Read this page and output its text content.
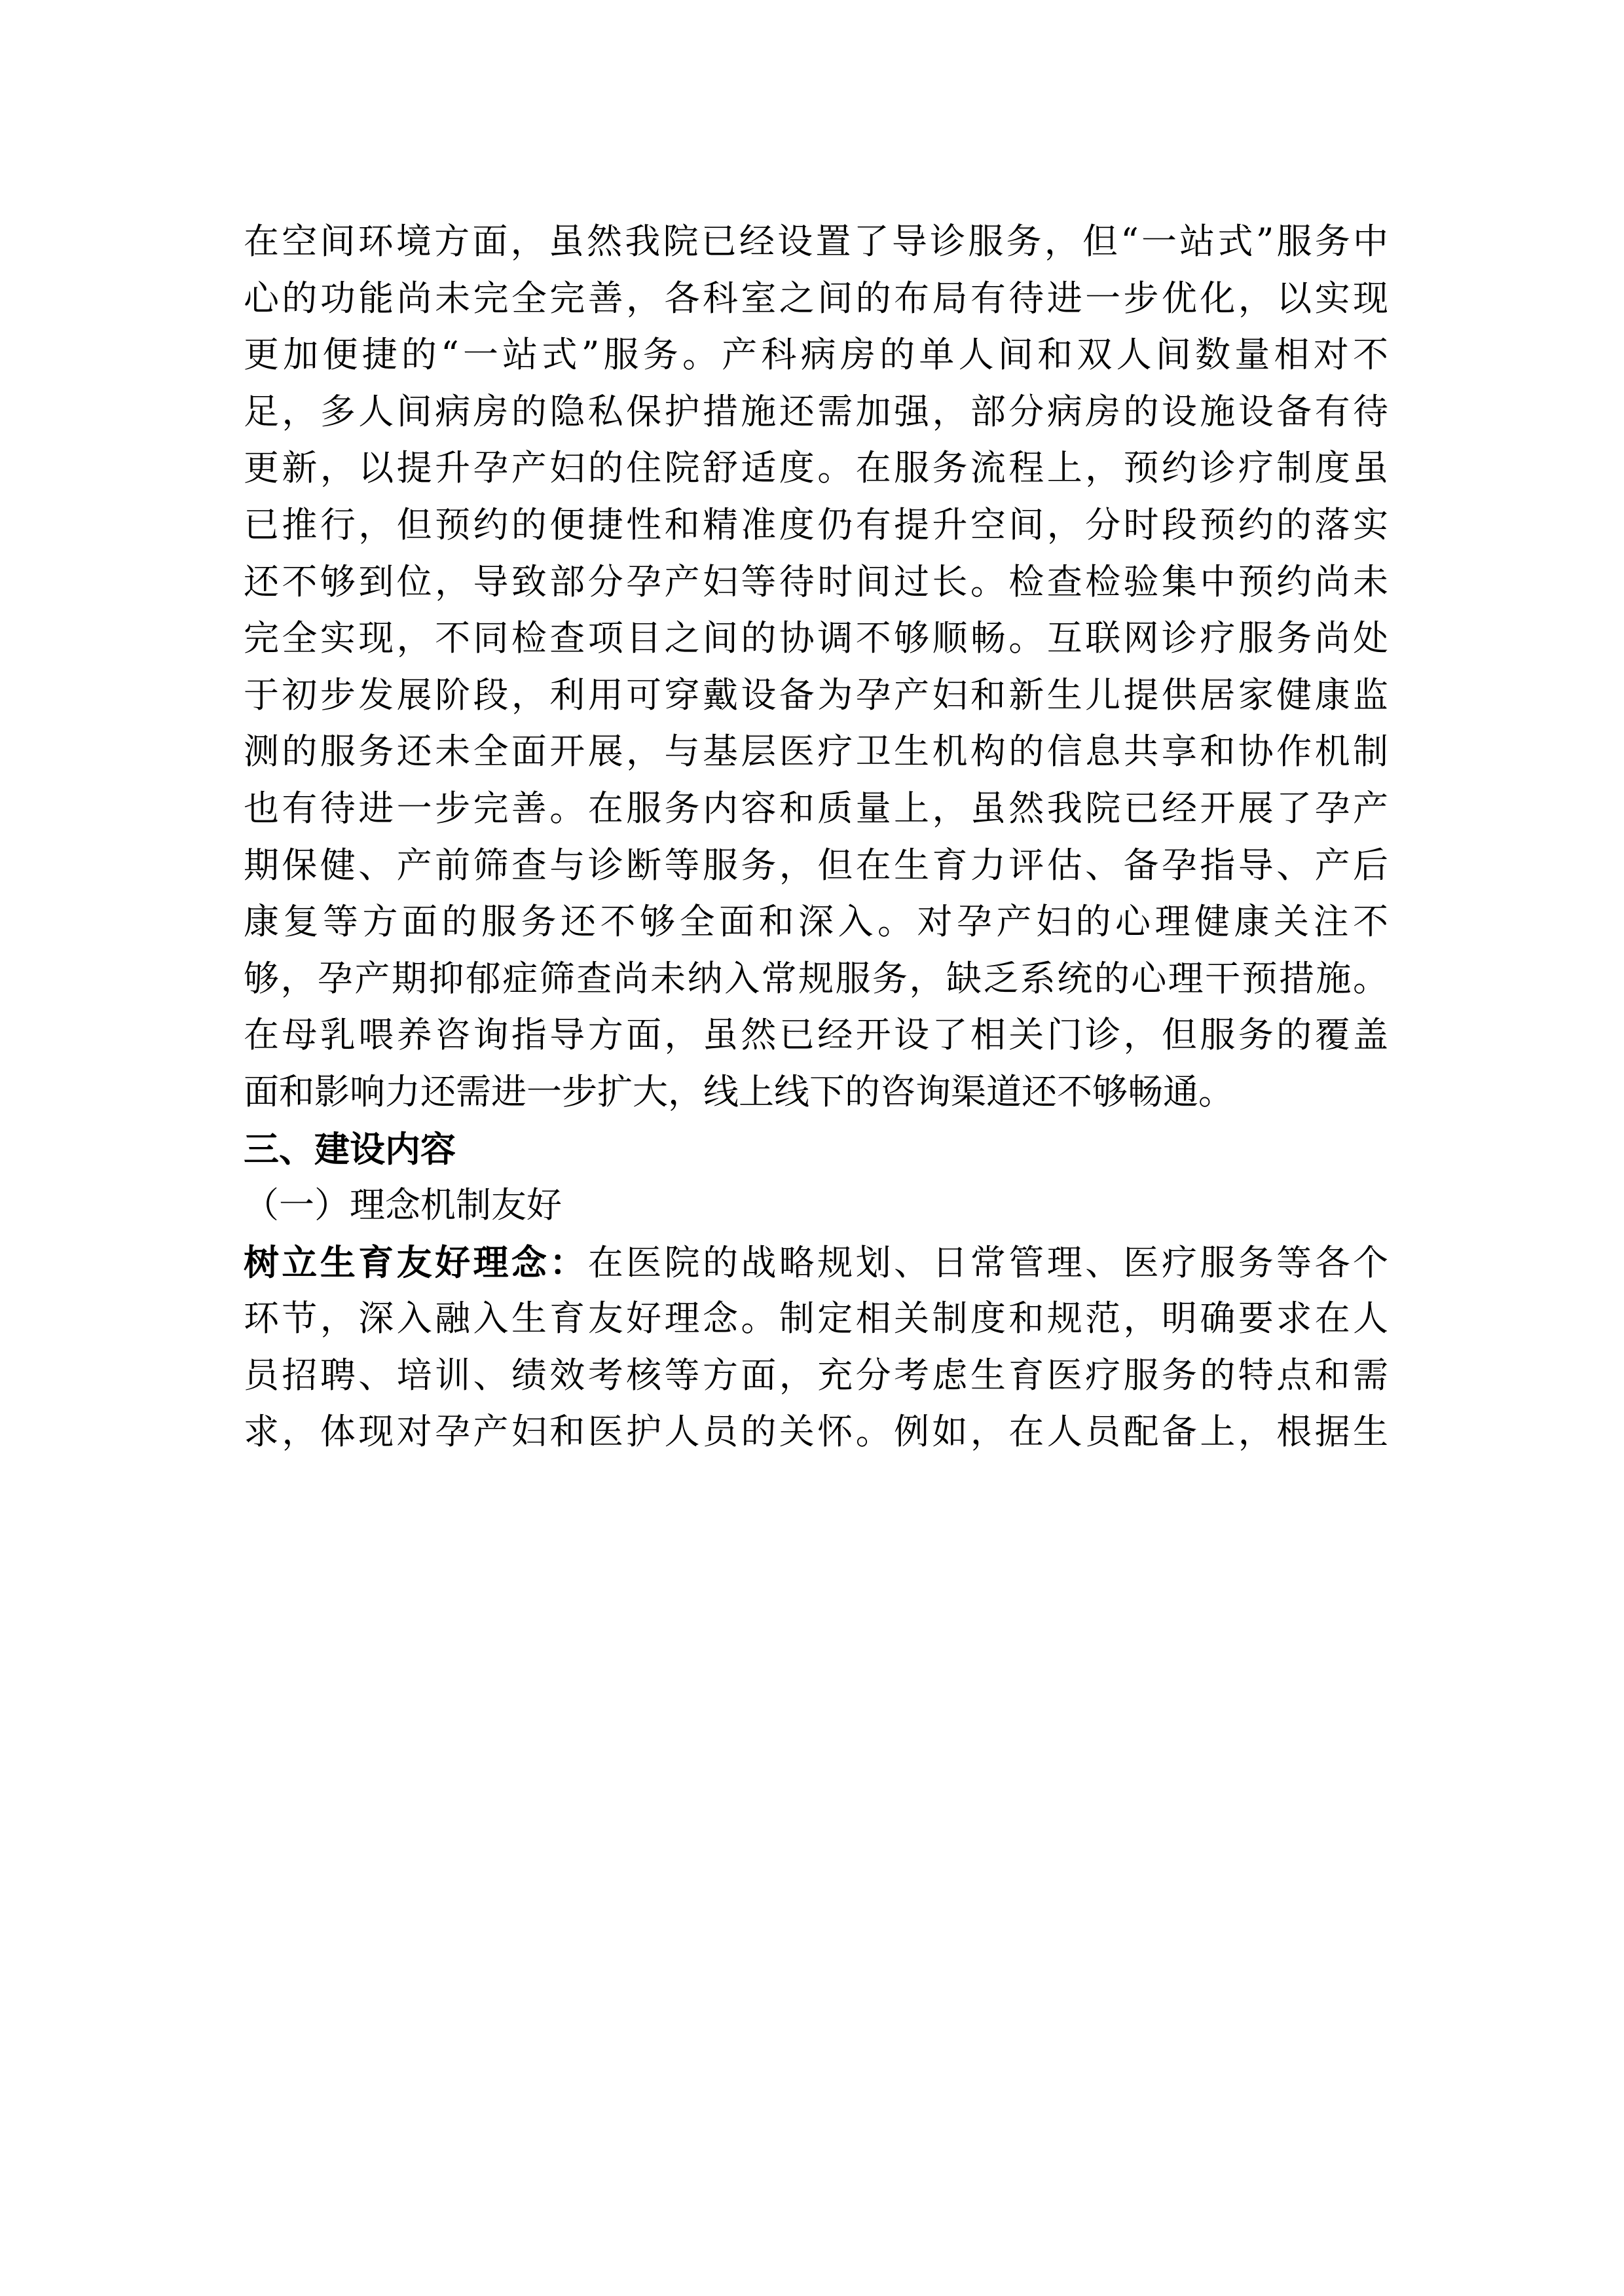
在空间环境方面，虽然我院已经设置了导诊服务，但“一站式”服务中
心的功能尚未完全完善，各科室之间的布局有待进一步优化，以实现
更加便捷的“一站式”服务。产科病房的单人间和双人间数量相对不
足，多人间病房的隐私保护措施还需加强，部分病房的设施设备有待
更新，以提升孕产妇的住院舒适度。在服务流程上，预约诊疗制度虽
已推行，但预约的便捷性和精准度仍有提升空间，分时段预约的落实
还不够到位，导致部分孕产妇等待时间过长。检查检验集中预约尚未
完全实现，不同检查项目之间的协调不够顺畅。互联网诊疗服务尚处
于初步发展阶段，利用可穿戴设备为孕产妇和新生儿提供居家健康监
测的服务还未全面开展，与基层医疗卫生机构的信息共享和协作机制
也有待进一步完善。在服务内容和质量上，虽然我院已经开展了孕产
期保健、产前筛查与诊断等服务，但在生育力评估、备孕指导、产后
康复等方面的服务还不够全面和深入。对孕产妇的心理健康关注不
够，孕产期抑郁症筛查尚未纳入常规服务，缺乏系统的心理干预措施。
在母乳喂养咨询指导方面，虽然已经开设了相关门诊，但服务的覆盖
面和影响力还需进一步扩大，线上线下的咨询渠道还不够畅通。
三、建设内容
（一）理念机制友好
树立生育友好理念：在医院的战略规划、日常管理、医疗服务等各个
环节，深入融入生育友好理念。制定相关制度和规范，明确要求在人
员招聘、培训、绩效考核等方面，充分考虑生育医疗服务的特点和需
求，体现对孕产妇和医护人员的关怀。例如，在人员配备上，根据生
